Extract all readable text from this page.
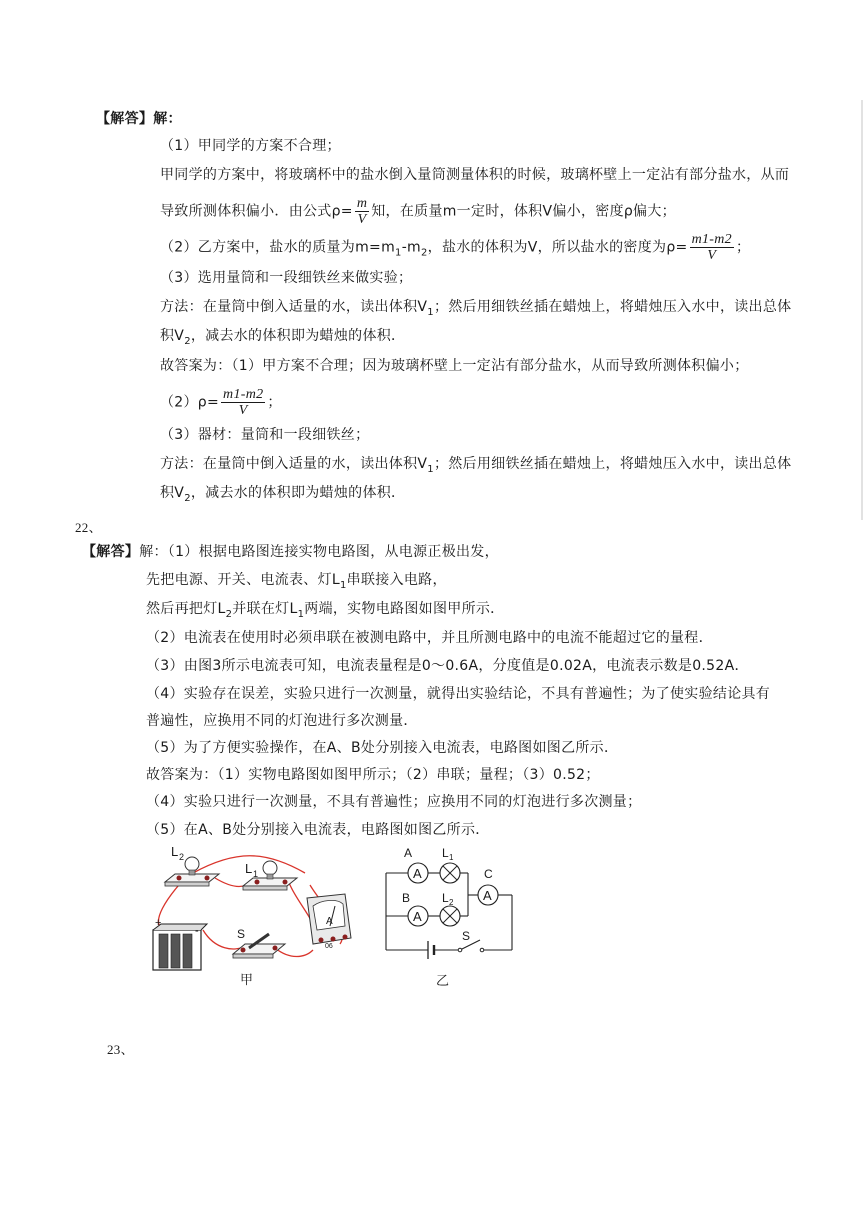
【解答】解：
（1）甲同学的方案不合理；
甲同学的方案中，将玻璃杯中的盐水倒入量筒测量体积的时候，玻璃杯壁上一定沾有部分盐水，从而
导致所测体积偏小．由公式$\rho= \frac{m}{V}$ 知，在质量m一定时，体积V偏小，密度ρ偏大；
（2）乙方案中，盐水的质量为$m=m_1-m_2$，盐水的体积为V，所以盐水的密度为$\rho= \frac{m1-m2}{V}$ ；
（3）选用量筒和一段细铁丝来做实验；
方法：在量筒中倒入适量的水，读出体积$V_1$；然后用细铁丝插在蜡烛上，将蜡烛压入水中，读出总体
积$V_2$，减去水的体积即为蜡烛的体积．
故答案为：（1）甲方案不合理；因为玻璃杯壁上一定沾有部分盐水，从而导致所测体积偏小；
$(2)\rho= \frac{m1-m2}{V}$ ；
（3）器材：量筒和一段细铁丝；
方法：在量筒中倒入适量的水，读出体积$V_1$；然后用细铁丝插在蜡烛上，将蜡烛压入水中，读出总体
积$V_2$，减去水的体积即为蜡烛的体积．
22、
【解答】解：（1）根据电路图连接实物电路图，从电源正极出发，
先把电源、开关、电流表、灯$L_1$串联接入电路，
然后再把灯$L_2$并联在灯$L_1$两端，实物电路图如图甲所示．
（2）电流表在使用时必须串联在被测电路中，并且所测电路中的电流不能超过它的量程．
（3）由图3所示电流表可知，电流表量程是0～0.6A，分度值是0.02A，电流表示数是0.52A．
（4）实验存在误差，实验只进行一次测量，就得出实验结论，不具有普遍性；为了使实验结论具有
普遍性，应换用不同的灯泡进行多次测量．
（5）为了方便实验操作，在A、B处分别接入电流表，电路图如图乙所示．
故答案为：（1）实物电路图如图甲所示；（2）串联；量程；（3）0.52；
（4）实验只进行一次测量，不具有普遍性；应换用不同的灯泡进行多次测量；
（5）在A、B处分别接入电流表，电路图如图乙所示．
L 2
L 1
+
-	S
A
06
甲
A
A
A
A L 1
B	L 2
C
S
乙
23、
